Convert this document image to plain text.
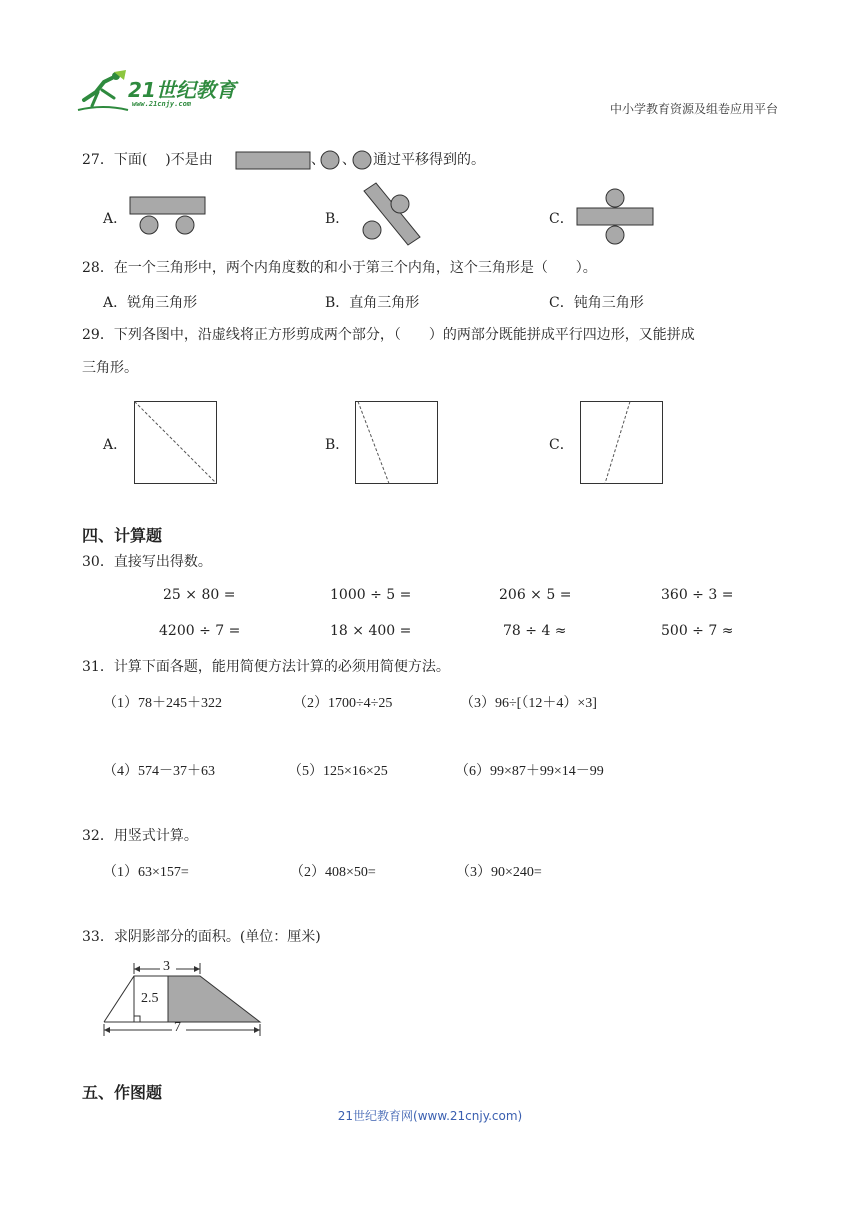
21世纪教育
www.21cnjy.com	中小学教育资源及组卷应用平台
27．下面( )不是由	、 、 通过平移得到的。
A．	B．	C．
28．在一个三角形中，两个内角度数的和小于第三个内角，这个三角形是（　　）。
A．锐角三角形	B．直角三角形	C．钝角三角形
29．下列各图中，沿虚线将正方形剪成两个部分，（　　）的两部分既能拼成平行四边形，又能拼成
三角形。
A．	B．	C．
四、计算题
30．直接写出得数。
25 × 80 =	1000 ÷ 5 =	206 × 5 =	360 ÷ 3 =
4200 ÷ 7 =	18 × 400 =	78 ÷ 4 ≈	500 ÷ 7 ≈
31．计算下面各题，能用简便方法计算的必须用简便方法。
（1）78＋245＋322	（2）1700÷4÷25	（3）96÷[（12＋4）×3]
（4）574－37＋63	（5）125×16×25	（6）99×87＋99×14－99
32．用竖式计算。
（1）63×157=	（2）408×50=	（3）90×240=
33．求阴影部分的面积。(单位：厘米)
3
2.5
7
五、作图题
21世纪教育网(www.21cnjy.com)
